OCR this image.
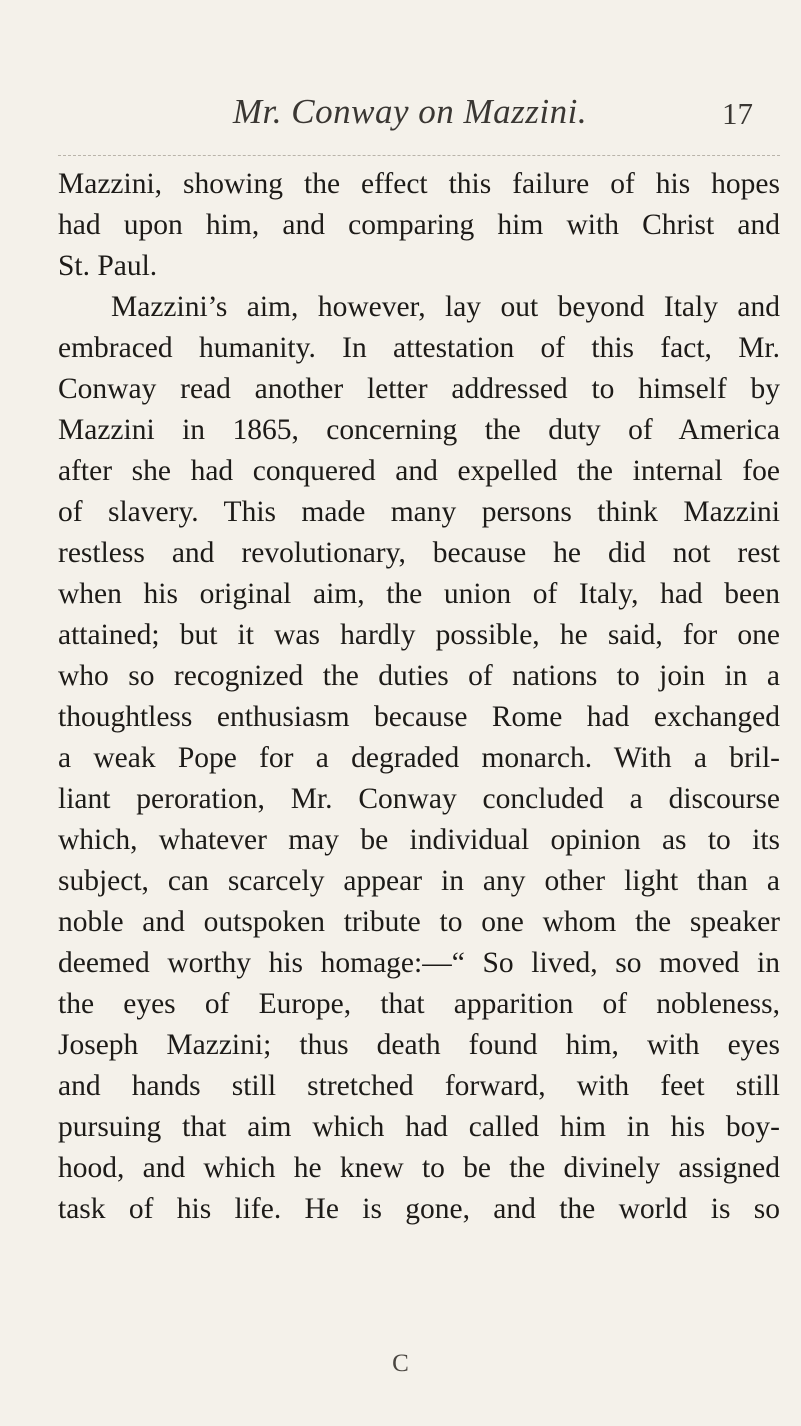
Mr. Conway on Mazzini.	17
Mazzini, showing the effect this failure of his hopes
had upon him, and comparing him with Christ and
St. Paul.
Mazzini’s aim, however, lay out beyond Italy and
embraced humanity. In attestation of this fact, Mr.
Conway read another letter addressed to himself by
Mazzini in 1865, concerning the duty of America
after she had conquered and expelled the internal foe
of slavery. This made many persons think Mazzini
restless and revolutionary, because he did not rest
when his original aim, the union of Italy, had been
attained; but it was hardly possible, he said, for one
who so recognized the duties of nations to join in a
thoughtless enthusiasm because Rome had exchanged
a weak Pope for a degraded monarch. With a bril-
liant peroration, Mr. Conway concluded a discourse
which, whatever may be individual opinion as to its
subject, can scarcely appear in any other light than a
noble and outspoken tribute to one whom the speaker
deemed worthy his homage:—“ So lived, so moved in
the eyes of Europe, that apparition of nobleness,
Joseph Mazzini; thus death found him, with eyes
and hands still stretched forward, with feet still
pursuing that aim which had called him in his boy-
hood, and which he knew to be the divinely assigned
task of his life. He is gone, and the world is so
C
